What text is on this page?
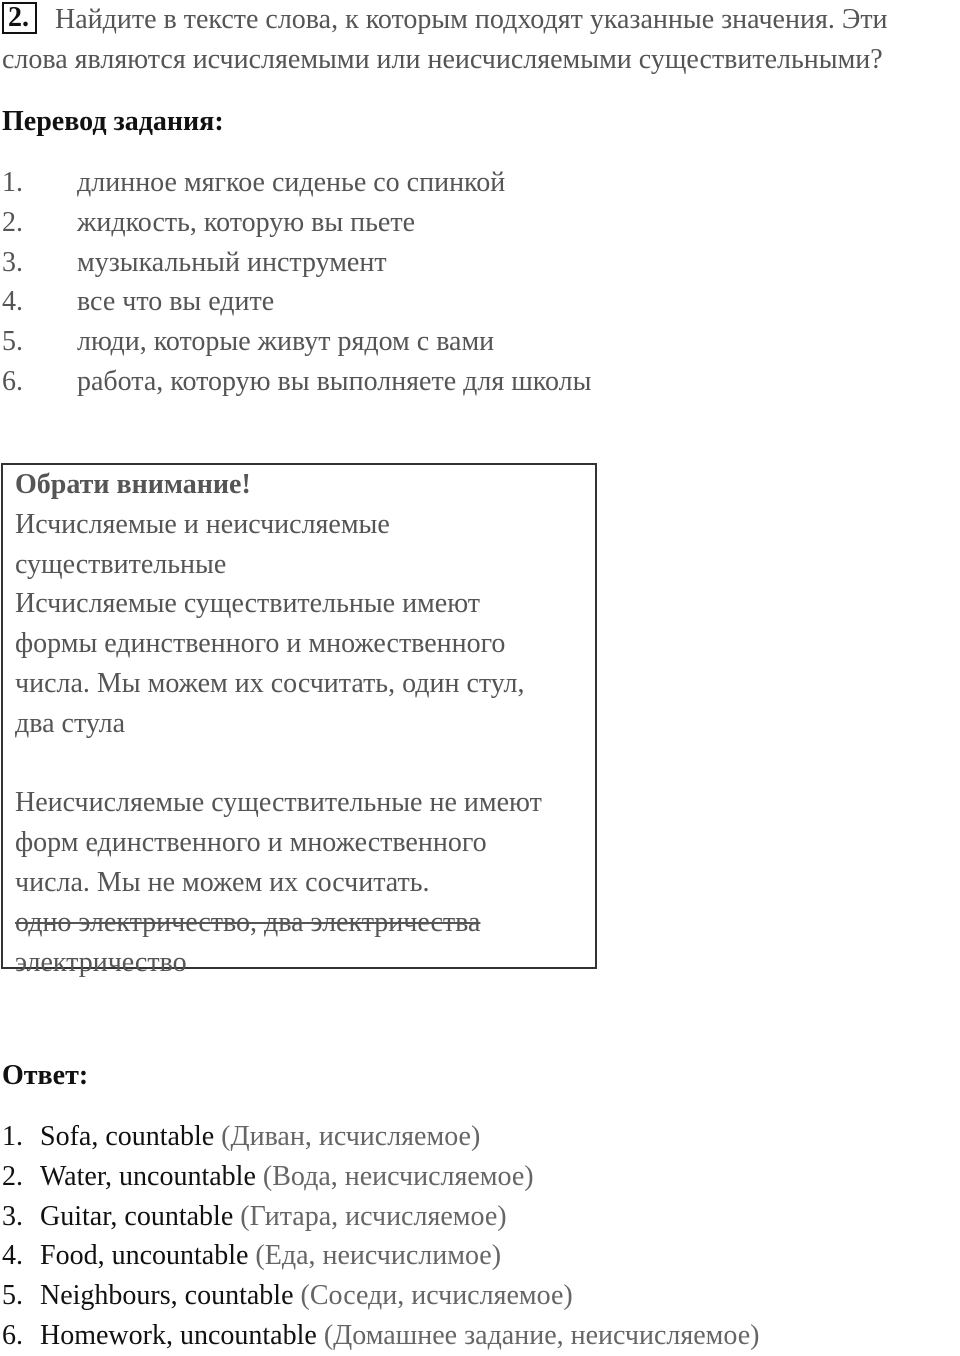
2. Найдите в тексте слова, к которым подходят указанные значения. Эти слова являются исчисляемыми или неисчисляемыми существительными?
Перевод задания:
1. длинное мягкое сиденье со спинкой
2. жидкость, которую вы пьете
3. музыкальный инструмент
4. все что вы едите
5. люди, которые живут рядом с вами
6. работа, которую вы выполняете для школы

Обрати внимание!

Исчисляемые и неисчисляемые

существительные

Исчисляемые существительные имеют

формы единственного и множественного

числа. Мы можем их сосчитать, один стул,

два стула

Неисчисляемые существительные не имеют

форм единственного и множественного

числа. Мы не можем их сосчитать.

одно электричество, два электричества

электричество

Ответ:
1. Sofa, countable (Диван, исчисляемое)
2. Water, uncountable (Вода, неисчисляемое)
3. Guitar, countable (Гитара, исчисляемое)
4. Food, uncountable (Еда, неисчислимое)
5. Neighbours, countable (Соседи, исчисляемое)
6. Homework, uncountable (Домашнее задание, неисчисляемое)
